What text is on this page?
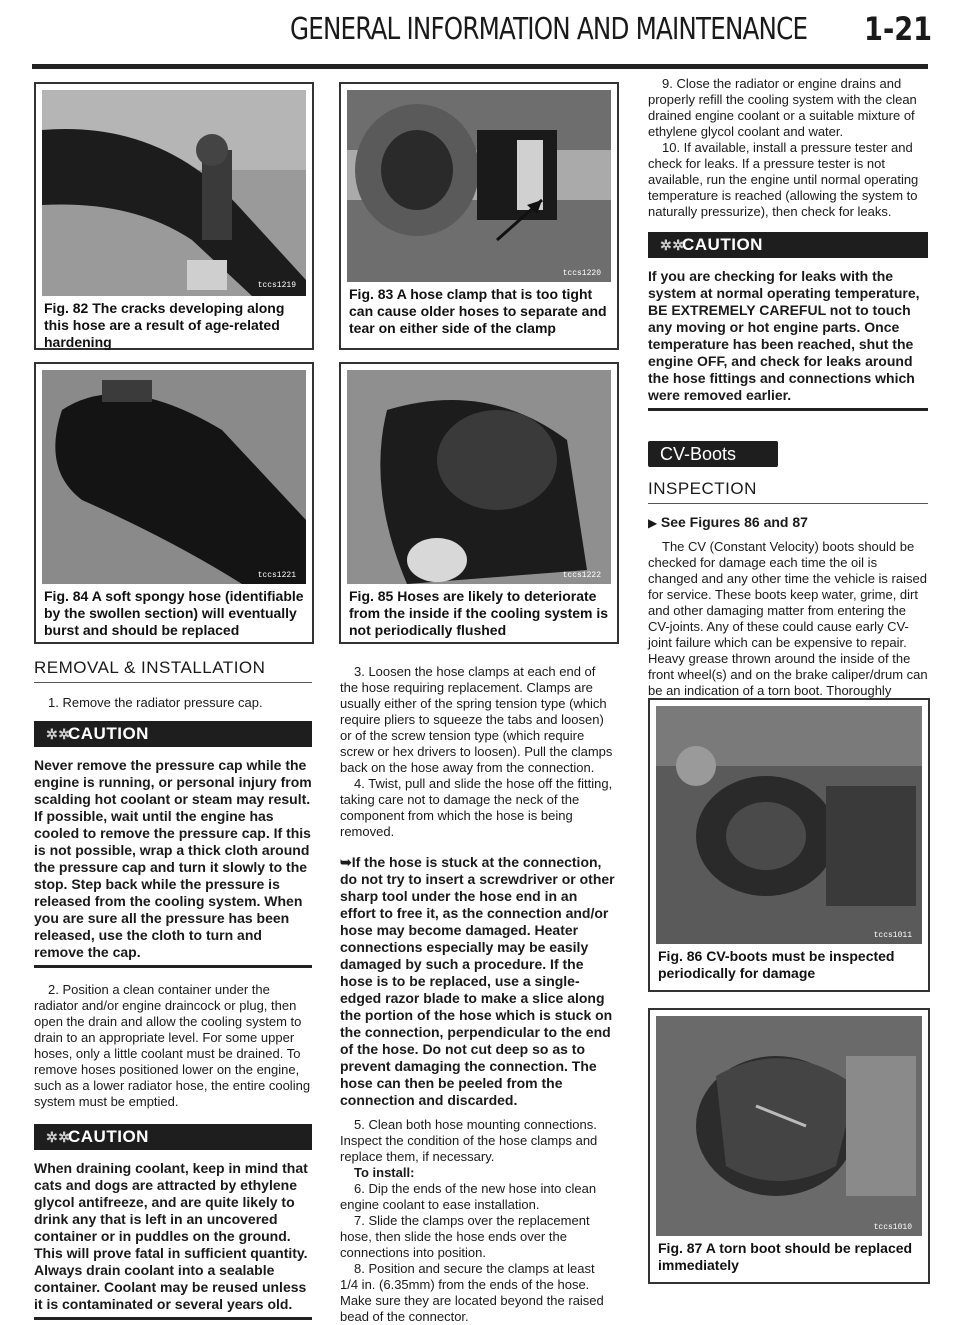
GENERAL INFORMATION AND MAINTENANCE 1-21
tccs1219
Fig. 82 The cracks developing along this hose are a result of age-related hardening
tccs1220
Fig. 83 A hose clamp that is too tight can cause older hoses to separate and tear on either side of the clamp
tccs1221
Fig. 84 A soft spongy hose (identifiable by the swollen section) will eventually burst and should be replaced
tccs1222
Fig. 85 Hoses are likely to deteriorate from the inside if the cooling system is not periodically flushed
REMOVAL & INSTALLATION

1. Remove the radiator pressure cap.

✲✲
CAUTION
Never remove the pressure cap while the engine is running, or personal injury from scalding hot coolant or steam may result. If possible, wait until the engine has cooled to remove the pressure cap. If this is not possible, wrap a thick cloth around the pressure cap and turn it slowly to the stop. Step back while the pressure is released from the cooling system. When you are sure all the pressure has been released, use the cloth to turn and remove the cap.

2. Position a clean container under the radiator and/or engine draincock or plug, then open the drain and allow the cooling system to drain to an appropriate level. For some upper hoses, only a little coolant must be drained. To remove hoses positioned lower on the engine, such as a lower radiator hose, the entire cooling system must be emptied.

✲✲
CAUTION
When draining coolant, keep in mind that cats and dogs are attracted by ethylene glycol antifreeze, and are quite likely to drink any that is left in an uncovered container or in puddles on the ground. This will prove fatal in sufficient quantity. Always drain coolant into a sealable container. Coolant may be reused unless it is contaminated or several years old.

3. Loosen the hose clamps at each end of the hose requiring replacement. Clamps are usually either of the spring tension type (which require pliers to squeeze the tabs and loosen) or of the screw tension type (which require screw or hex drivers to loosen). Pull the clamps back on the hose away from the connection.

4. Twist, pull and slide the hose off the fitting, taking care not to damage the neck of the component from which the hose is being removed.

➥If the hose is stuck at the connection, do not try to insert a screwdriver or other sharp tool under the hose end in an effort to free it, as the connection and/or hose may become damaged. Heater connections especially may be easily damaged by such a procedure. If the hose is to be replaced, use a single-edged razor blade to make a slice along the portion of the hose which is stuck on the connection, perpendicular to the end of the hose. Do not cut deep so as to prevent damaging the connection. The hose can then be peeled from the connection and discarded.

5. Clean both hose mounting connections. Inspect the condition of the hose clamps and replace them, if necessary.

To install:

6. Dip the ends of the new hose into clean engine coolant to ease installation.

7. Slide the clamps over the replacement hose, then slide the hose ends over the connections into position.

8. Position and secure the clamps at least 1/4 in. (6.35mm) from the ends of the hose. Make sure they are located beyond the raised bead of the connector.

9. Close the radiator or engine drains and properly refill the cooling system with the clean drained engine coolant or a suitable mixture of ethylene glycol coolant and water.

10. If available, install a pressure tester and check for leaks. If a pressure tester is not available, run the engine until normal operating temperature is reached (allowing the system to naturally pressurize), then check for leaks.

✲✲
CAUTION
If you are checking for leaks with the system at normal operating temperature, BE EXTREMELY CAREFUL not to touch any moving or hot engine parts. Once temperature has been reached, shut the engine OFF, and check for leaks around the hose fittings and connections which were removed earlier.
CV-Boots
INSPECTION
▶ See Figures 86 and 87

The CV (Constant Velocity) boots should be checked for damage each time the oil is changed and any other time the vehicle is raised for service. These boots keep water, grime, dirt and other damaging matter from entering the CV-joints. Any of these could cause early CV-joint failure which can be expensive to repair. Heavy grease thrown around the inside of the front wheel(s) and on the brake caliper/drum can be an indication of a torn boot. Thoroughly

tccs1011
Fig. 86 CV-boots must be inspected periodically for damage
tccs1010
Fig. 87 A torn boot should be replaced immediately
